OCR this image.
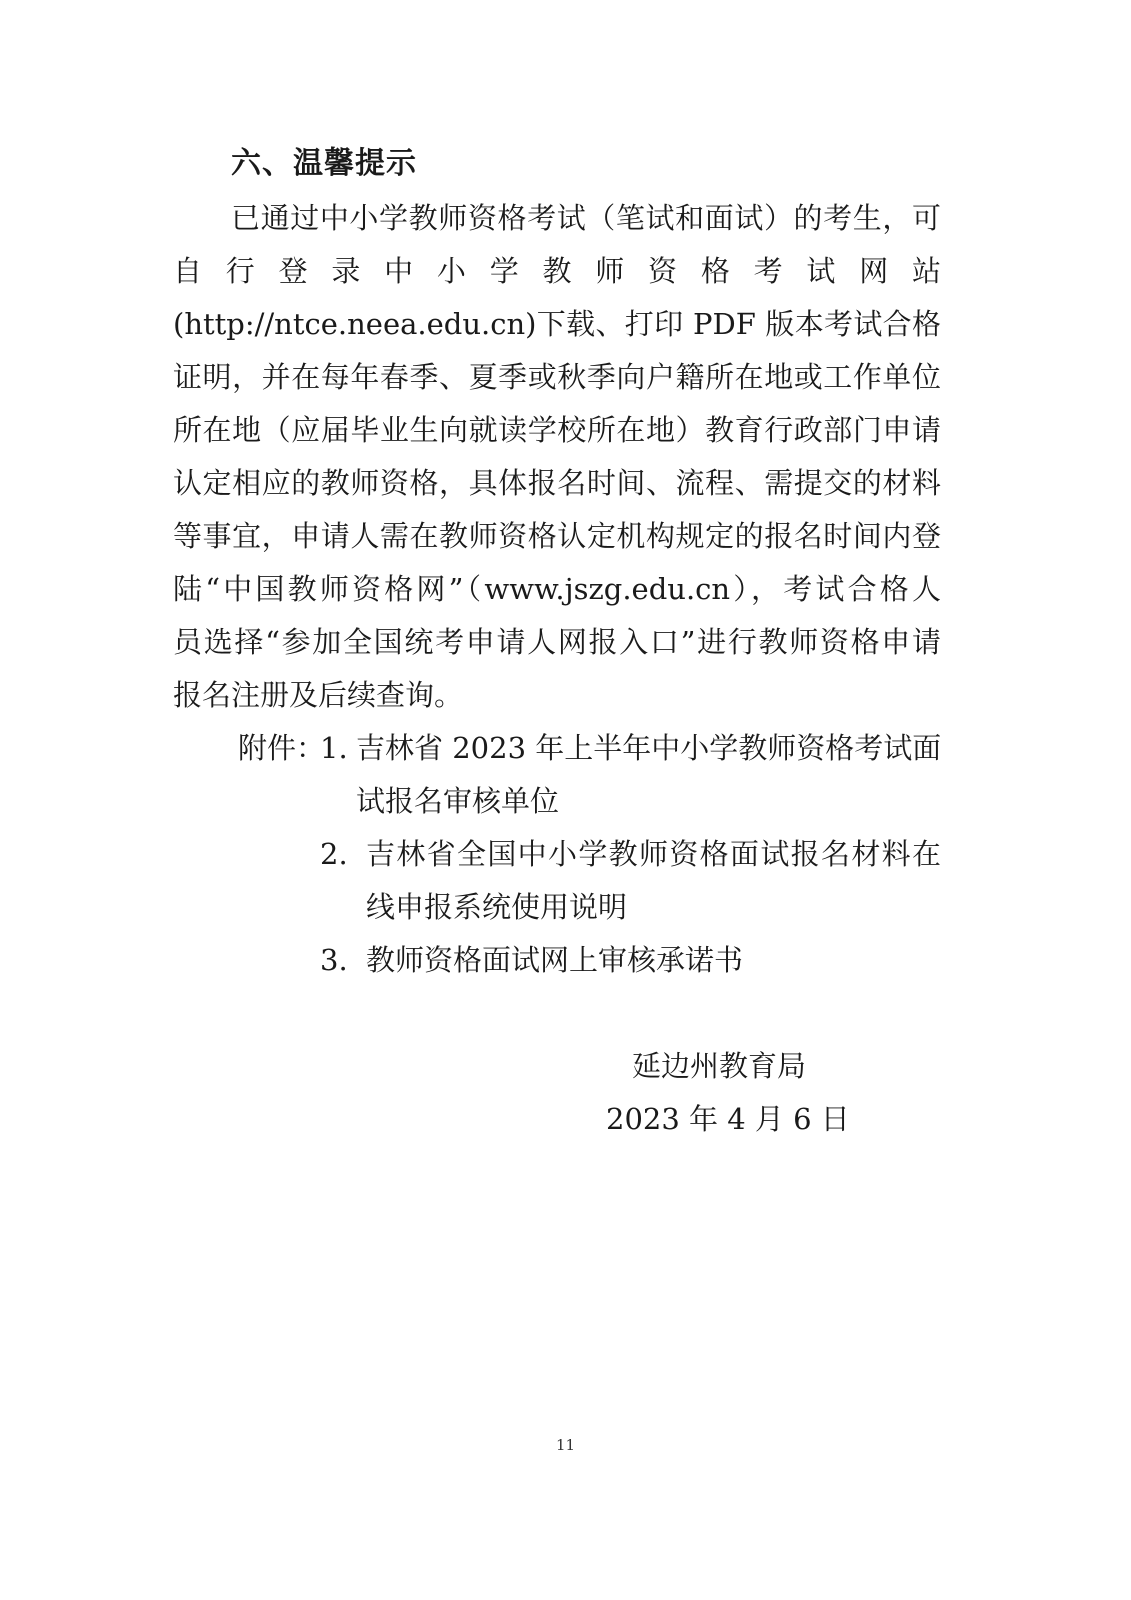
六、温馨提示
已通过中小学教师资格考试（笔试和面试）的考生，可
自行登录中小学教师资格考试网站
(http://ntce.neea.edu.cn)下载、打印 PDF 版本考试合格
证明，并在每年春季、夏季或秋季向户籍所在地或工作单位
所在地（应届毕业生向就读学校所在地）教育行政部门申请
认定相应的教师资格，具体报名时间、流程、需提交的材料
等事宜，申请人需在教师资格认定机构规定的报名时间内登
陆“中国教师资格网”（www.jszg.edu.cn），考试合格人
员选择“参加全国统考申请人网报入口”进行教师资格申请
报名注册及后续查询。
附件：
1. 吉林省 2023 年上半年中小学教师资格考试面
试报名审核单位
2. 吉林省全国中小学教师资格面试报名材料在
线申报系统使用说明
3. 教师资格面试网上审核承诺书
延边州教育局
2023 年 4 月 6 日
11
